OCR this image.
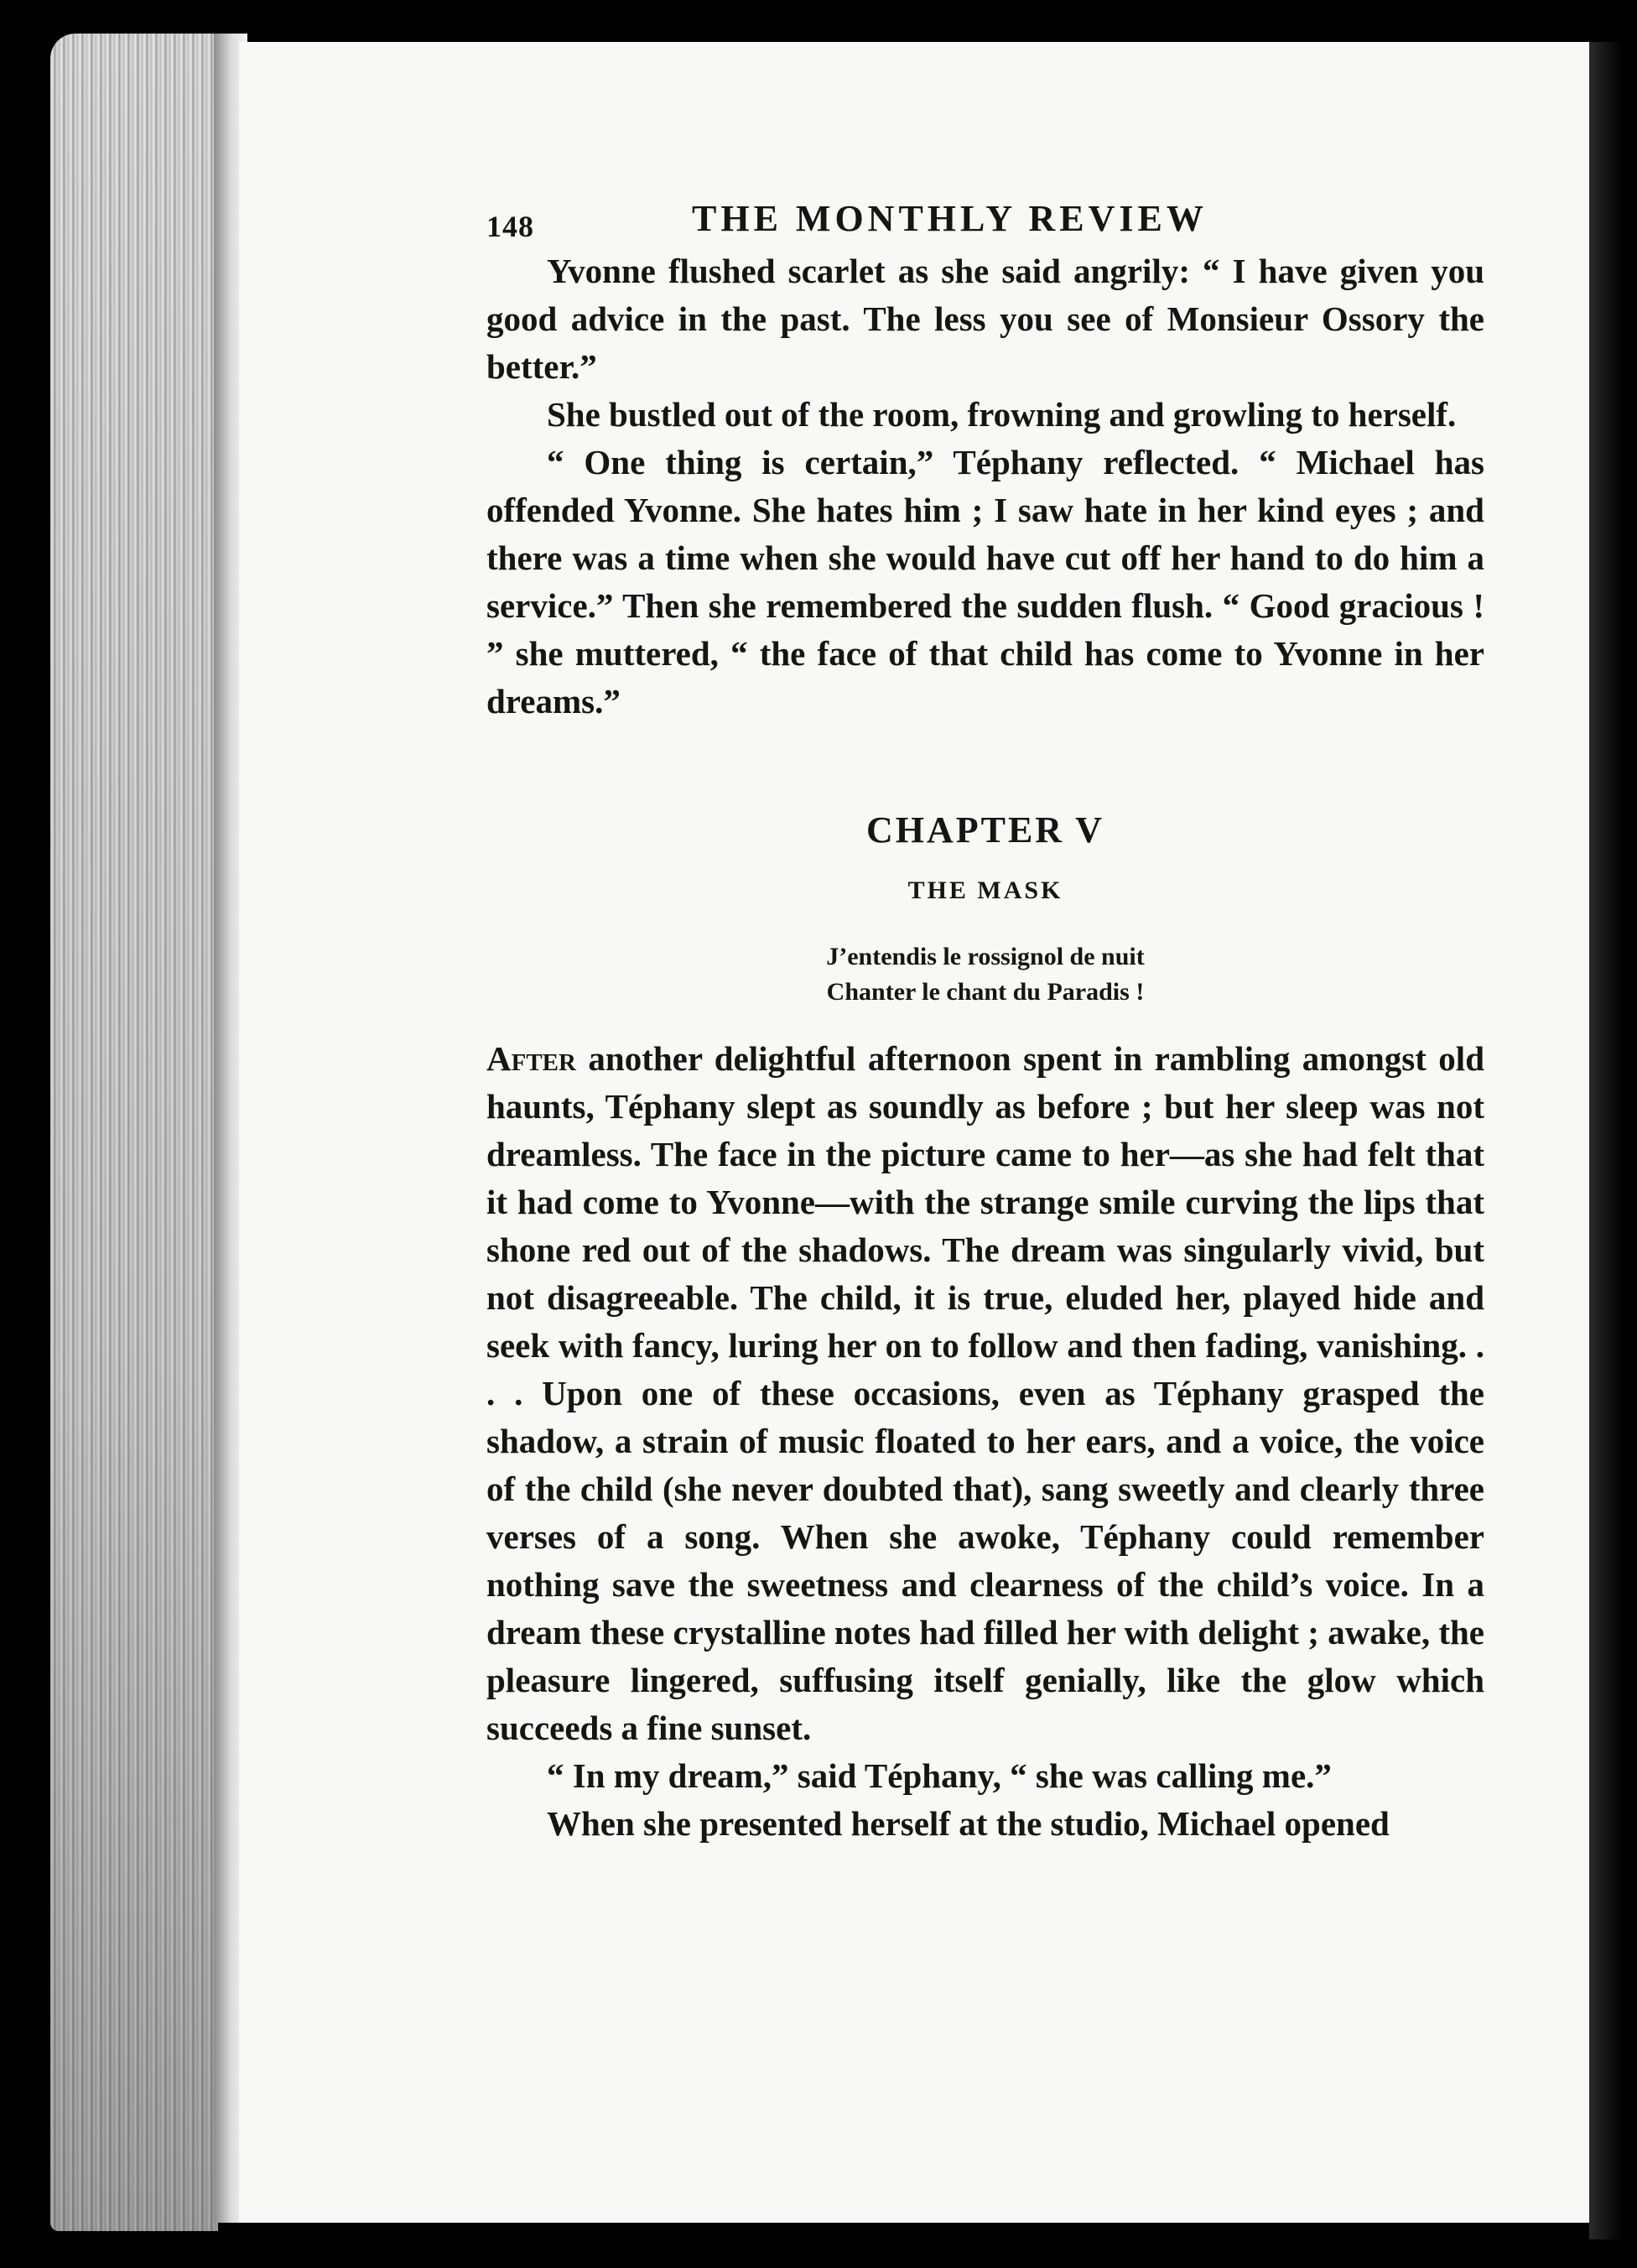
148	THE MONTHLY REVIEW

Yvonne flushed scarlet as she said angrily: “ I have given you good advice in the past. The less you see of Monsieur Ossory the better.”

She bustled out of the room, frowning and growling to herself.

“ One thing is certain,” Téphany reflected. “ Michael has offended Yvonne. She hates him ; I saw hate in her kind eyes ; and there was a time when she would have cut off her hand to do him a service.” Then she remembered the sudden flush. “ Good gracious ! ” she muttered, “ the face of that child has come to Yvonne in her dreams.”

CHAPTER V
THE MASK
J’entendis le rossignol de nuit
Chanter le chant du Paradis !

After another delightful afternoon spent in rambling amongst old haunts, Téphany slept as soundly as before ; but her sleep was not dreamless. The face in the picture came to her—as she had felt that it had come to Yvonne—with the strange smile curving the lips that shone red out of the shadows. The dream was singularly vivid, but not disagreeable. The child, it is true, eluded her, played hide and seek with fancy, luring her on to follow and then fading, vanishing. . . . Upon one of these occasions, even as Téphany grasped the shadow, a strain of music floated to her ears, and a voice, the voice of the child (she never doubted that), sang sweetly and clearly three verses of a song. When she awoke, Téphany could remember nothing save the sweetness and clearness of the child’s voice. In a dream these crystalline notes had filled her with delight ; awake, the pleasure lingered, suffusing itself genially, like the glow which succeeds a fine sunset.

“ In my dream,” said Téphany, “ she was calling me.”

When she presented herself at the studio, Michael opened
